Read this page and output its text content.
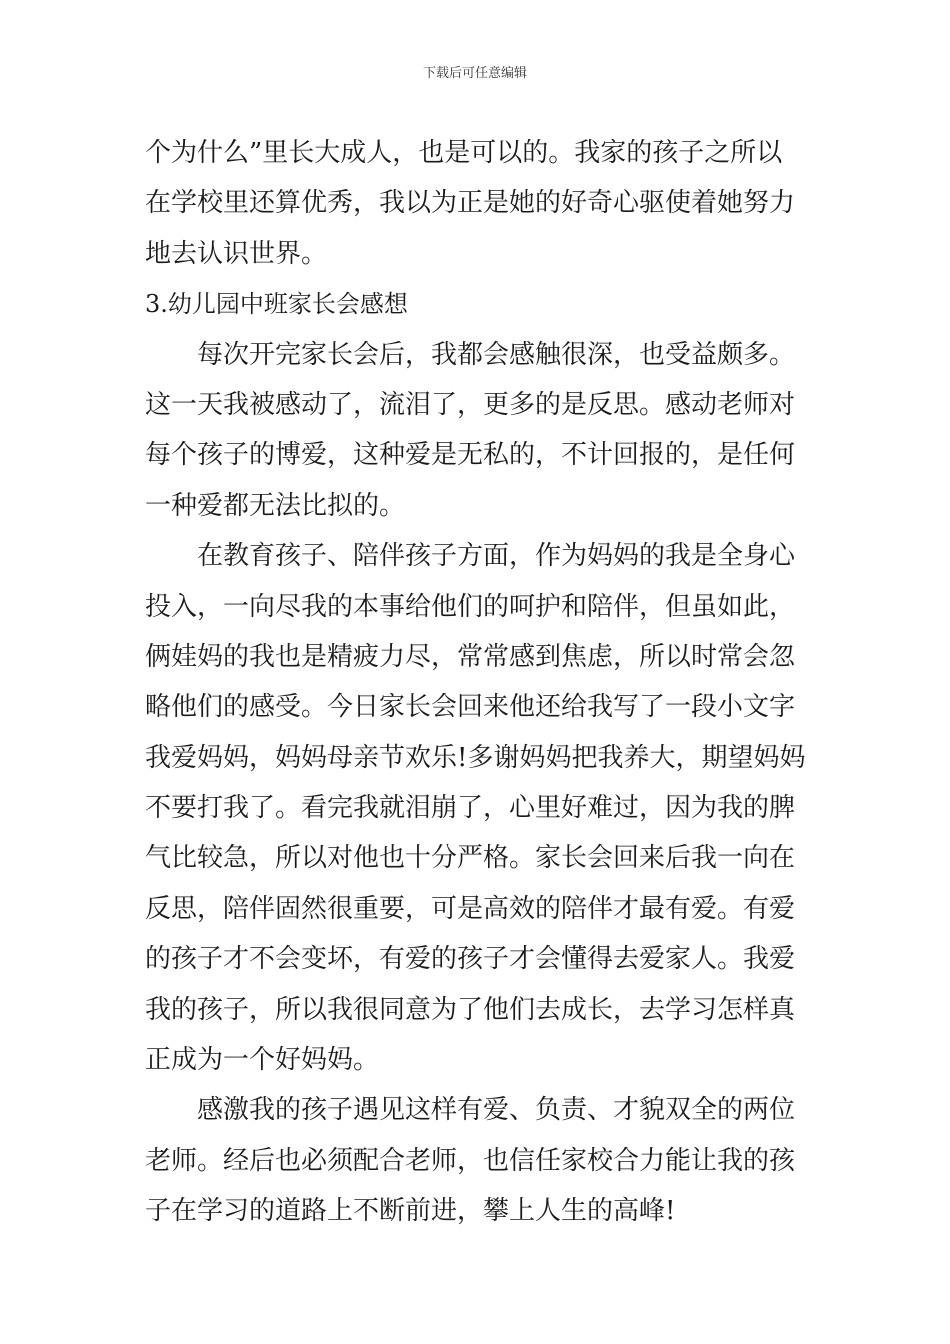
下载后可任意编辑
个为什么”里长大成人，也是可以的。我家的孩子之所以
在学校里还算优秀，我以为正是她的好奇心驱使着她努力
地去认识世界。
3.幼儿园中班家长会感想
每次开完家长会后，我都会感触很深，也受益颇多。
这一天我被感动了，流泪了，更多的是反思。感动老师对
每个孩子的博爱，这种爱是无私的，不计回报的，是任何
一种爱都无法比拟的。
在教育孩子、陪伴孩子方面，作为妈妈的我是全身心
投入，一向尽我的本事给他们的呵护和陪伴，但虽如此，
俩娃妈的我也是精疲力尽，常常感到焦虑，所以时常会忽
略他们的感受。今日家长会回来他还给我写了一段小文字
我爱妈妈，妈妈母亲节欢乐!多谢妈妈把我养大，期望妈妈
不要打我了。看完我就泪崩了，心里好难过，因为我的脾
气比较急，所以对他也十分严格。家长会回来后我一向在
反思，陪伴固然很重要，可是高效的陪伴才最有爱。有爱
的孩子才不会变坏，有爱的孩子才会懂得去爱家人。我爱
我的孩子，所以我很同意为了他们去成长，去学习怎样真
正成为一个好妈妈。
感激我的孩子遇见这样有爱、负责、才貌双全的两位
老师。经后也必须配合老师，也信任家校合力能让我的孩
子在学习的道路上不断前进，攀上人生的高峰!
